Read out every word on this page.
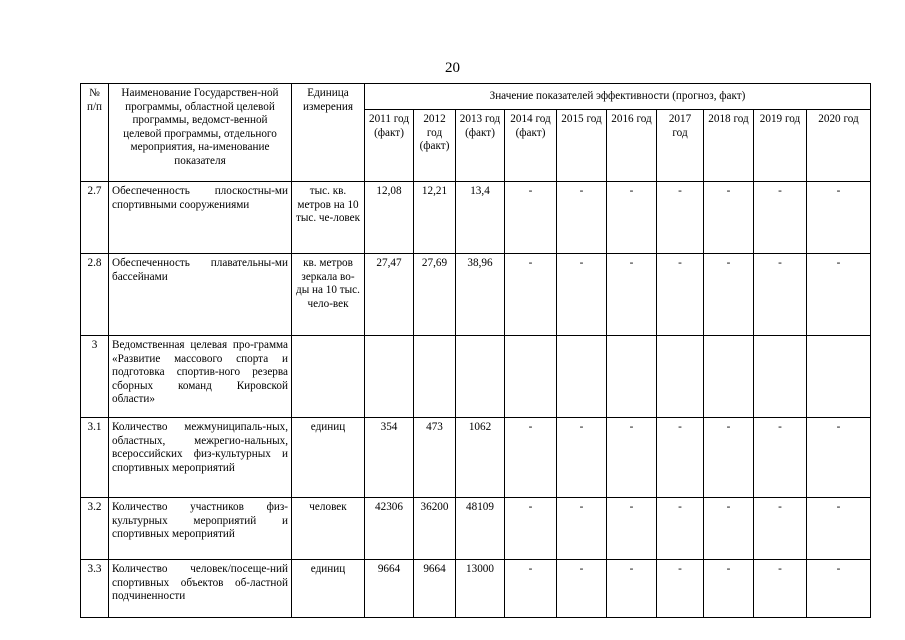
20
№ п/п	Наименование Государствен-ной программы, областной целевой программы, ведомст-венной целевой программы, отдельного мероприятия, на-именование показателя	Единица измерения	Значение показателей эффективности (прогноз, факт)									
			2011 год (факт)	2012 год (факт)	2013 год (факт)	2014 год (факт)	2015 год	2016 год	2017 год	2018 год	2019 год	2020 год
2.7	Обеспеченность плоскостны-ми спортивными сооружениями	тыс. кв. метров на 10 тыс. че-ловек	12,08	12,21	13,4	-	-	-	-	-	-	-
2.8	Обеспеченность плавательны-ми бассейнами	кв. метров зеркала во-ды на 10 тыс. чело-век	27,47	27,69	38,96	-	-	-	-	-	-	-
3	Ведомственная целевая про-грамма «Развитие массового спорта и подготовка спортив-ного резерва сборных команд Кировской области»											
3.1	Количество межмуниципаль-ных, областных, межрегио-нальных, всероссийских физ-культурных и спортивных мероприятий	единиц	354	473	1062	-	-	-	-	-	-	-
3.2	Количество участников физ-культурных мероприятий и спортивных мероприятий	человек	42306	36200	48109	-	-	-	-	-	-	-
3.3	Количество человек/посеще-ний спортивных объектов об-ластной подчиненности	единиц	9664	9664	13000	-	-	-	-	-	-	-
